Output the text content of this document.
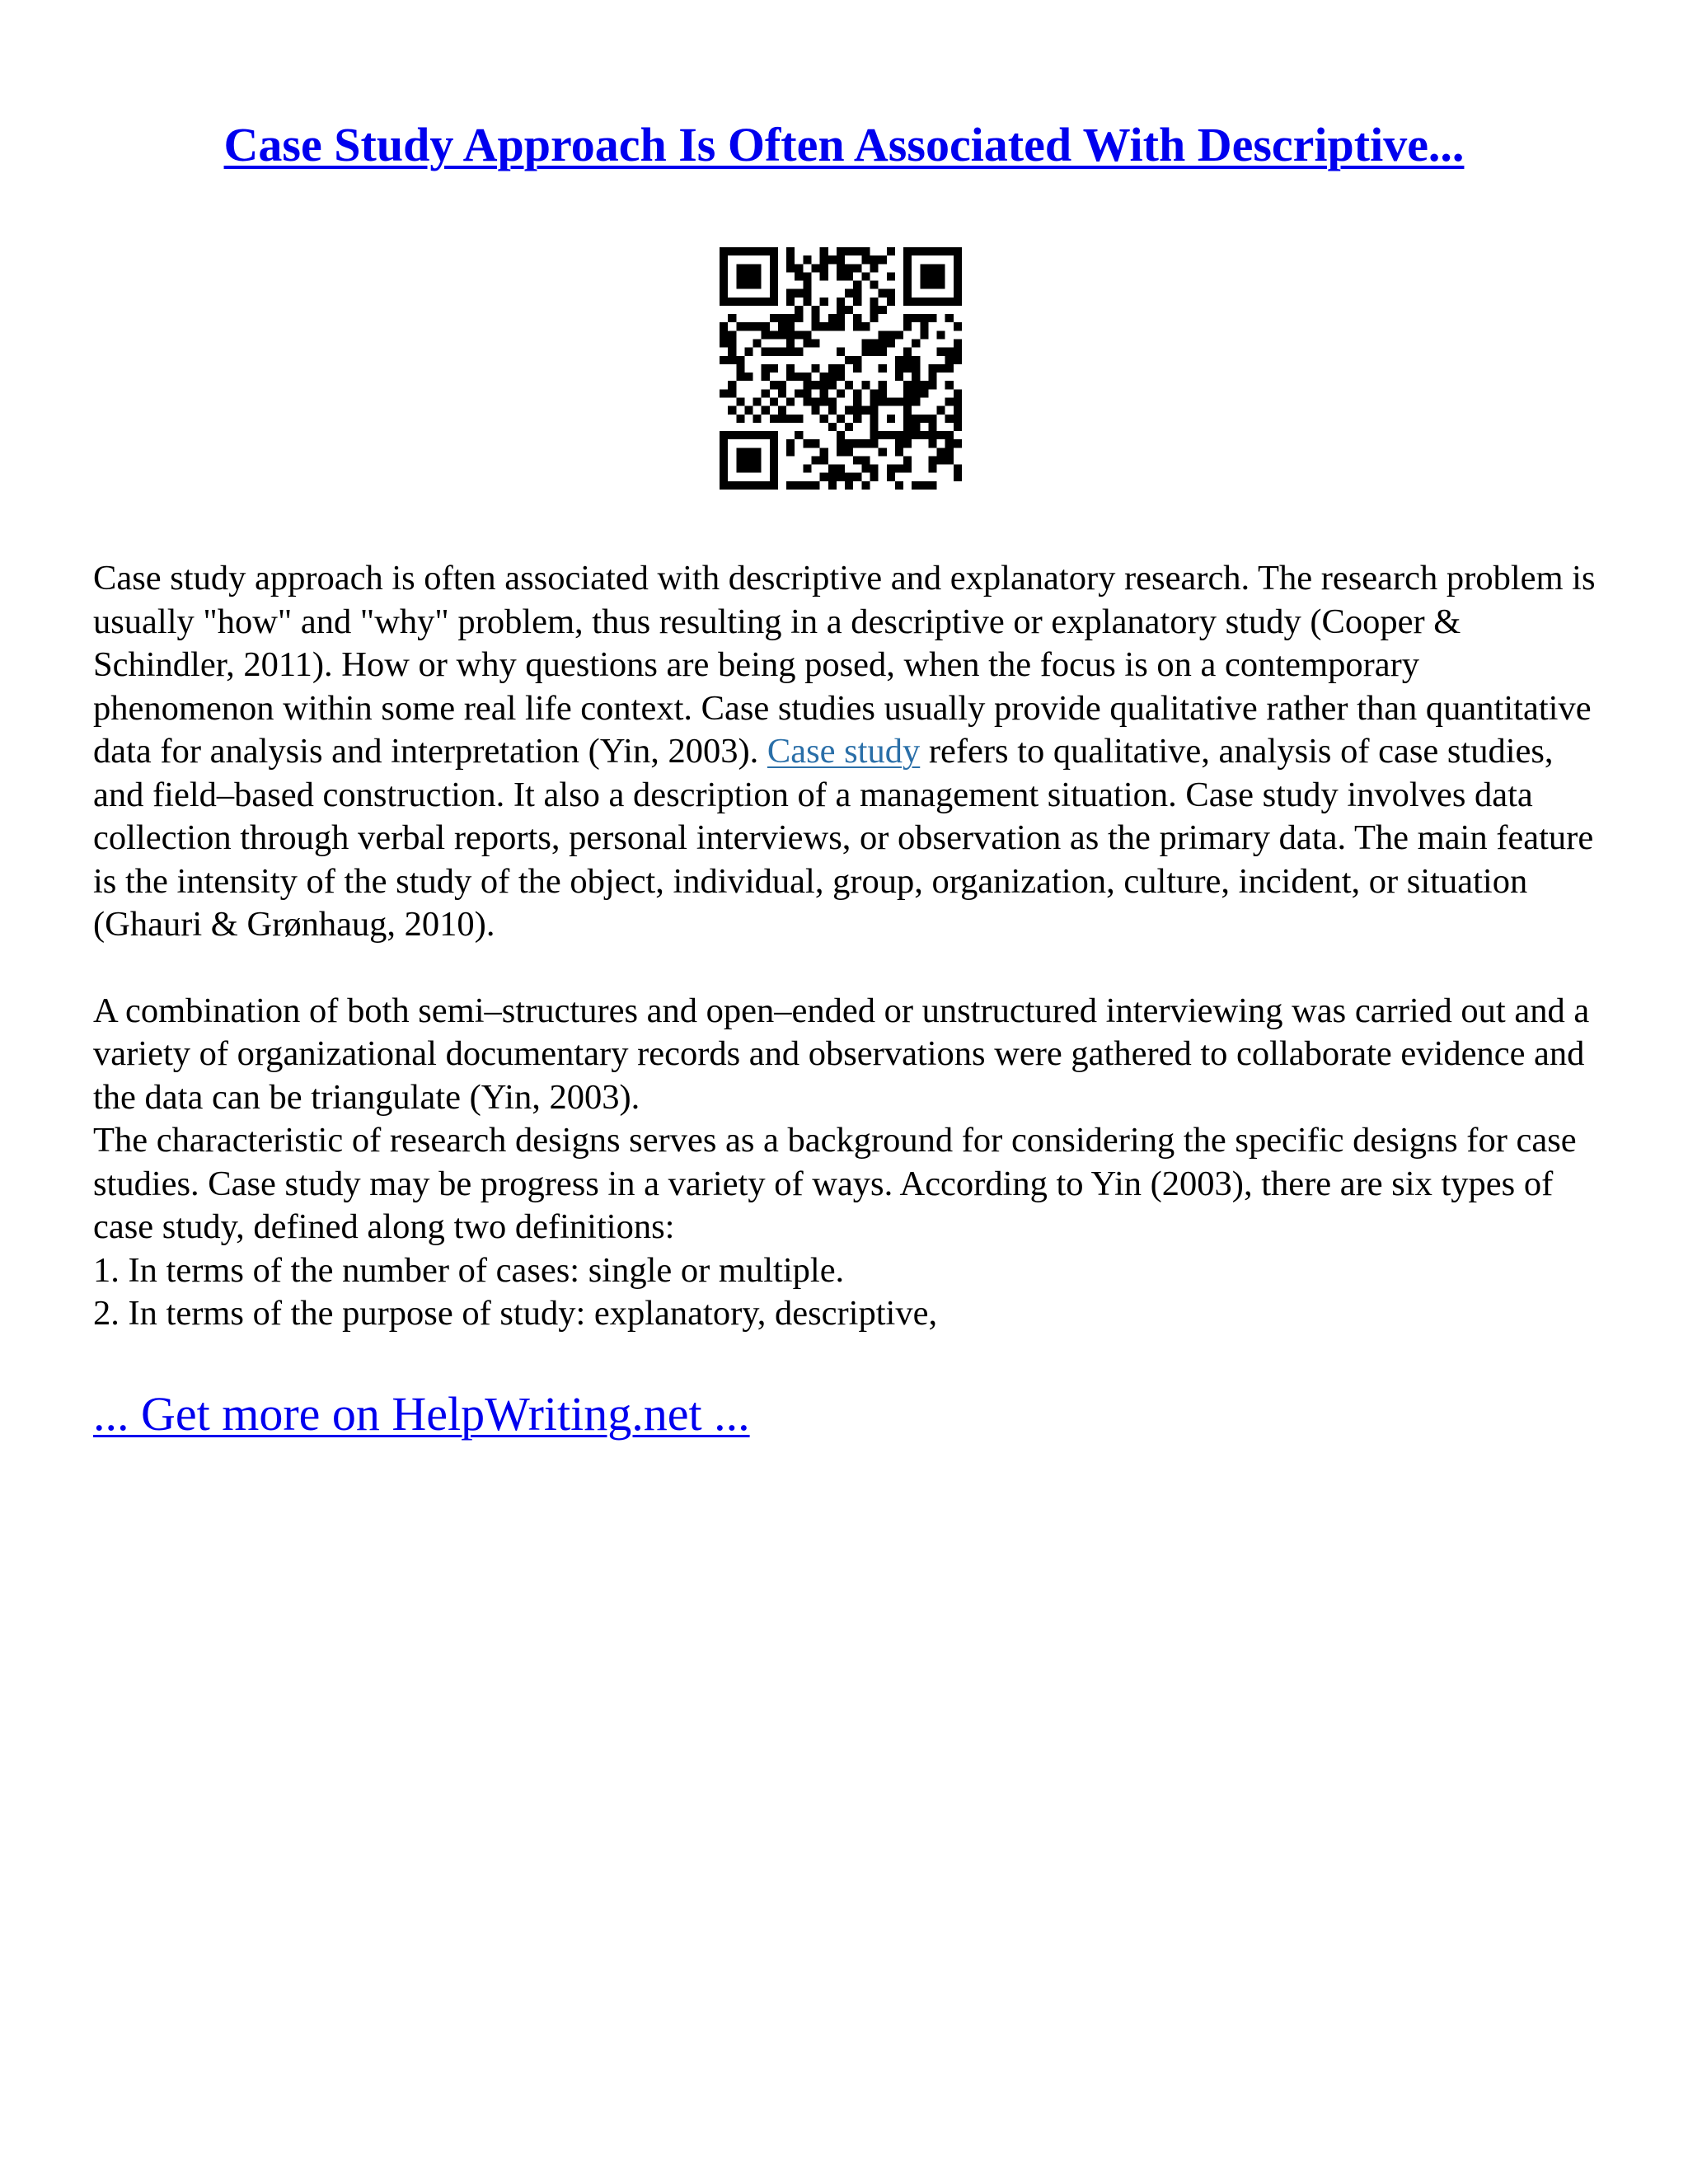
Case Study Approach Is Often Associated With Descriptive...

Case study approach is often associated with descriptive and explanatory research. The research problem is usually "how" and "why" problem, thus resulting in a descriptive or explanatory study (Cooper & Schindler, 2011). How or why questions are being posed, when the focus is on a contemporary phenomenon within some real life context. Case studies usually provide qualitative rather than quantitative data for analysis and interpretation (Yin, 2003). Case study refers to qualitative, analysis of case studies, and field–based construction. It also a description of a management situation. Case study involves data collection through verbal reports, personal interviews, or observation as the primary data. The main feature is the intensity of the study of the object, individual, group, organization, culture, incident, or situation (Ghauri & Grønhaug, 2010).

A combination of both semi–structures and open–ended or unstructured interviewing was carried out and a variety of organizational documentary records and observations were gathered to collaborate evidence and the data can be triangulate (Yin, 2003).

The characteristic of research designs serves as a background for considering the specific designs for case studies. Case study may be progress in a variety of ways. According to Yin (2003), there are six types of case study, defined along two definitions:

1. In terms of the number of cases: single or multiple.

2. In terms of the purpose of study: explanatory, descriptive,

... Get more on HelpWriting.net ...
